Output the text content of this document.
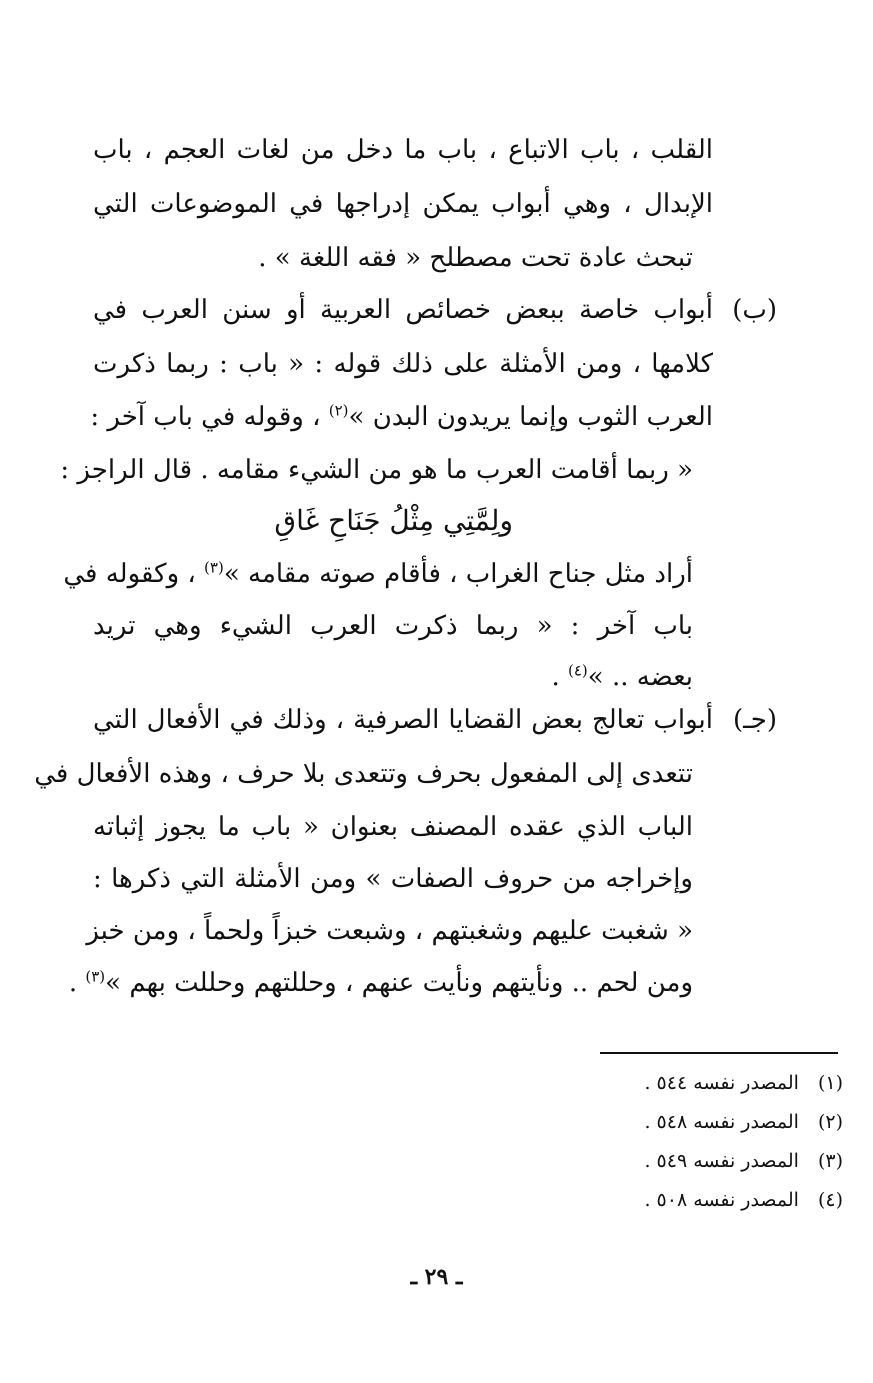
القلب ، باب الاتباع ، باب ما دخل من لغات العجم ، باب
الإبدال ، وهي أبواب يمكن إدراجها في الموضوعات التي
تبحث عادة تحت مصطلح « فقه اللغة » .
(ب)
أبواب خاصة ببعض خصائص العربية أو سنن العرب في
كلامها ، ومن الأمثلة على ذلك قوله : « باب : ربما ذكرت
العرب الثوب وإنما يريدون البدن »$^{(٢)}$ ، وقوله في باب آخر :
« ربما أقامت العرب ما هو من الشيء مقامه . قال الراجز :
ولِمَّتِي مِثْلُ جَنَاحِ غَاقِ
أراد مثل جناح الغراب ، فأقام صوته مقامه »$^{(٣)}$ ، وكقوله في
باب آخر : « ربما ذكرت العرب الشيء وهي تريد
بعضه .. »$^{(٤)}$ .
(جـ)
أبواب تعالج بعض القضايا الصرفية ، وذلك في الأفعال التي
تتعدى إلى المفعول بحرف وتتعدى بلا حرف ، وهذه الأفعال في
الباب الذي عقده المصنف بعنوان « باب ما يجوز إثباته
وإخراجه من حروف الصفات » ومن الأمثلة التي ذكرها :
« شغبت عليهم وشغبتهم ، وشبعت خبزاً ولحماً ، ومن خبز
ومن لحم .. ونأيتهم ونأيت عنهم ، وحللتهم وحللت بهم »$^{(٣)}$ .
(١) المصدر نفسه ٥٤٤ .
(٢) المصدر نفسه ٥٤٨ .
(٣) المصدر نفسه ٥٤٩ .
(٤) المصدر نفسه ٥٠٨ .
ـ ٢٩ ـ
